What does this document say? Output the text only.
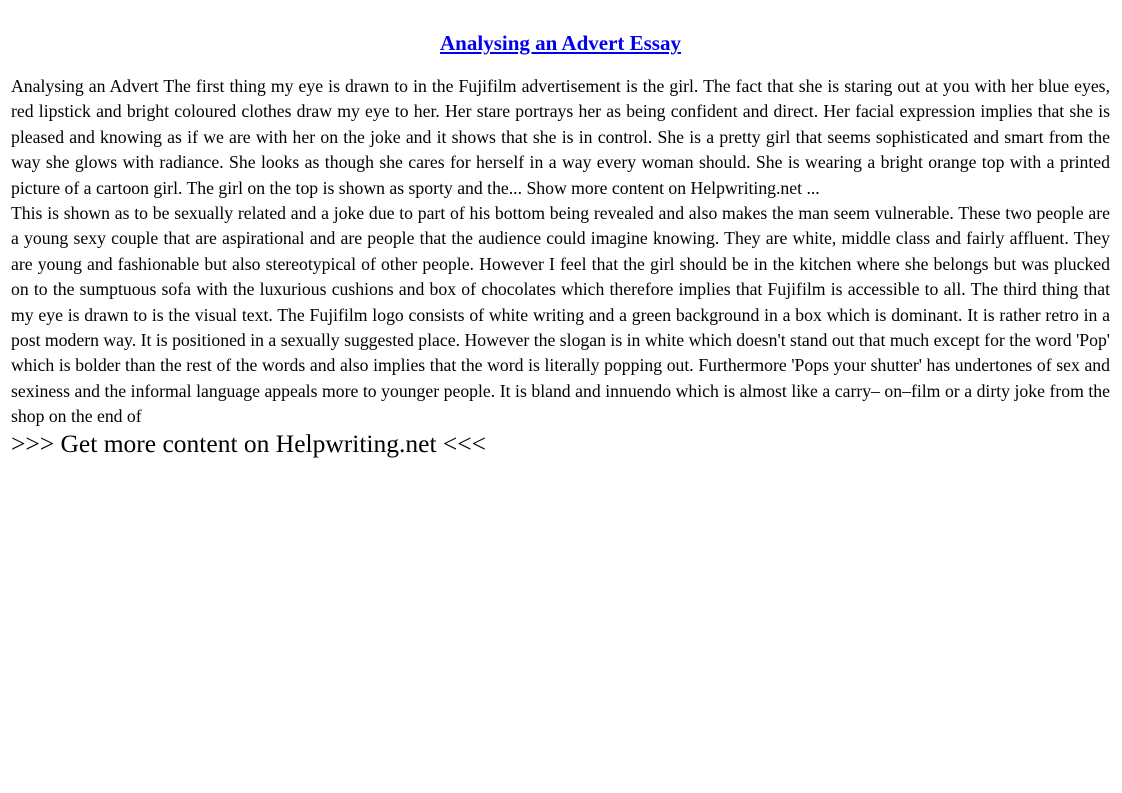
Analysing an Advert Essay

Analysing an Advert The first thing my eye is drawn to in the Fujifilm advertisement is the girl. The fact that she is staring out at you with her blue eyes, red lipstick and bright coloured clothes draw my eye to her. Her stare portrays her as being confident and direct. Her facial expression implies that she is pleased and knowing as if we are with her on the joke and it shows that she is in control. She is a pretty girl that seems sophisticated and smart from the way she glows with radiance. She looks as though she cares for herself in a way every woman should. She is wearing a bright orange top with a printed picture of a cartoon girl. The girl on the top is shown as sporty and the... Show more content on Helpwriting.net ...

This is shown as to be sexually related and a joke due to part of his bottom being revealed and also makes the man seem vulnerable. These two people are a young sexy couple that are aspirational and are people that the audience could imagine knowing. They are white, middle class and fairly affluent. They are young and fashionable but also stereotypical of other people. However I feel that the girl should be in the kitchen where she belongs but was plucked on to the sumptuous sofa with the luxurious cushions and box of chocolates which therefore implies that Fujifilm is accessible to all. The third thing that my eye is drawn to is the visual text. The Fujifilm logo consists of white writing and a green background in a box which is dominant. It is rather retro in a post modern way. It is positioned in a sexually suggested place. However the slogan is in white which doesn't stand out that much except for the word 'Pop' which is bolder than the rest of the words and also implies that the word is literally popping out. Furthermore 'Pops your shutter' has undertones of sex and sexiness and the informal language appeals more to younger people. It is bland and innuendo which is almost like a carry– on–film or a dirty joke from the shop on the end of

>>> Get more content on Helpwriting.net <<<
